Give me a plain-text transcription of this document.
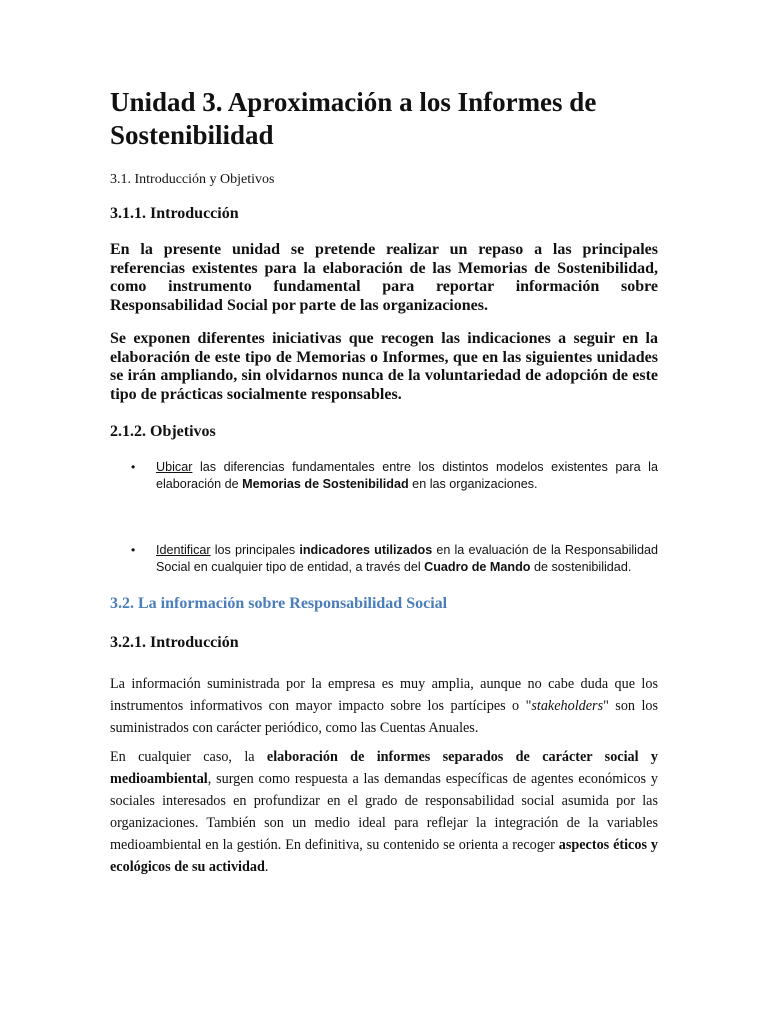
Unidad 3. Aproximación a los Informes de Sostenibilidad

3.1. Introducción y Objetivos

3.1.1. Introducción

En la presente unidad se pretende realizar un repaso a las principales referencias existentes para la elaboración de las Memorias de Sostenibilidad, como instrumento fundamental para reportar información sobre Responsabilidad Social por parte de las organizaciones.

Se exponen diferentes iniciativas que recogen las indicaciones a seguir en la elaboración de este tipo de Memorias o Informes, que en las siguientes unidades se irán ampliando, sin olvidarnos nunca de la voluntariedad de adopción de este tipo de prácticas socialmente responsables.

2.1.2. Objetivos
• Ubicar las diferencias fundamentales entre los distintos modelos existentes para la elaboración de Memorias de Sostenibilidad en las organizaciones.
• Identificar los principales indicadores utilizados en la evaluación de la Responsabilidad Social en cualquier tipo de entidad, a través del Cuadro de Mando de sostenibilidad.
3.2. La información sobre Responsabilidad Social
3.2.1. Introducción

La información suministrada por la empresa es muy amplia, aunque no cabe duda que los instrumentos informativos con mayor impacto sobre los partícipes o "stakeholders" son los suministrados con carácter periódico, como las Cuentas Anuales.

En cualquier caso, la elaboración de informes separados de carácter social y medioambiental, surgen como respuesta a las demandas específicas de agentes económicos y sociales interesados en profundizar en el grado de responsabilidad social asumida por las organizaciones. También son un medio ideal para reflejar la integración de la variables medioambiental en la gestión. En definitiva, su contenido se orienta a recoger aspectos éticos y ecológicos de su actividad.
